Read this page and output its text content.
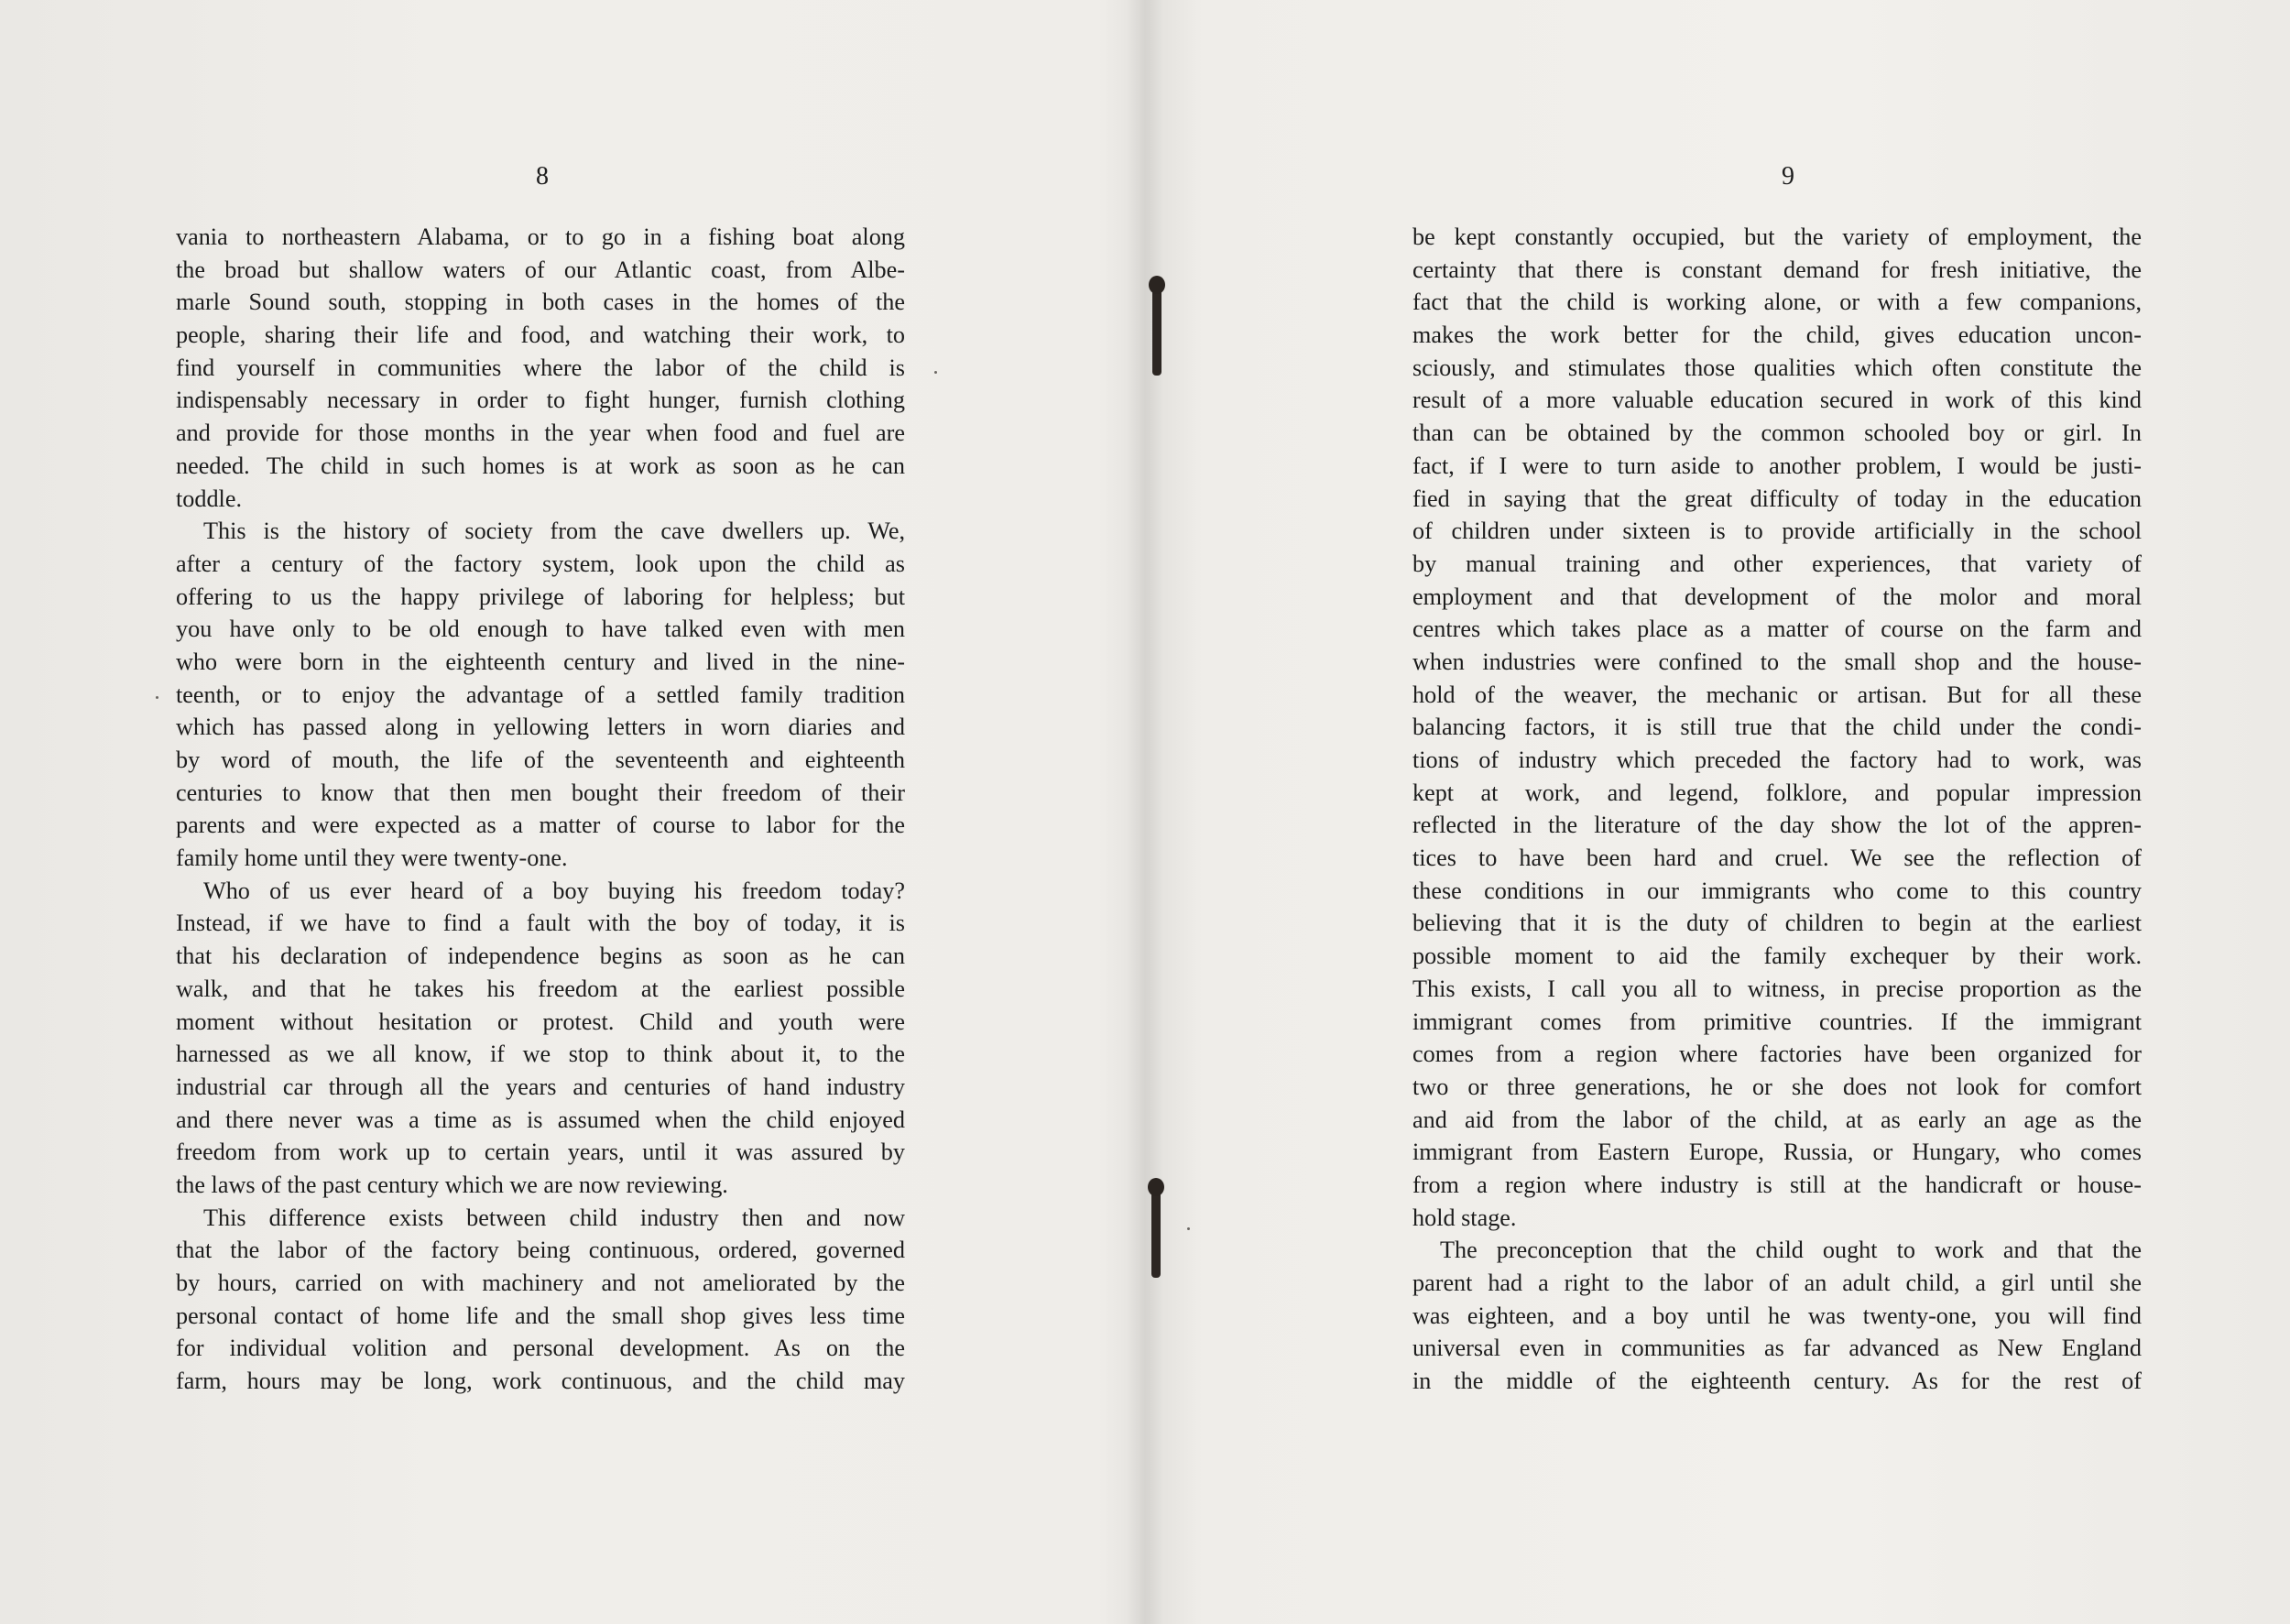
8
vania to northeastern Alabama, or to go in a fishing boat along
the broad but shallow waters of our Atlantic coast, from Albe-
marle Sound south, stopping in both cases in the homes of the
people, sharing their life and food, and watching their work, to
find yourself in communities where the labor of the child is
indispensably necessary in order to fight hunger, furnish clothing
and provide for those months in the year when food and fuel are
needed. The child in such homes is at work as soon as he can
toddle.
This is the history of society from the cave dwellers up. We,
after a century of the factory system, look upon the child as
offering to us the happy privilege of laboring for helpless; but
you have only to be old enough to have talked even with men
who were born in the eighteenth century and lived in the nine-
teenth, or to enjoy the advantage of a settled family tradition
which has passed along in yellowing letters in worn diaries and
by word of mouth, the life of the seventeenth and eighteenth
centuries to know that then men bought their freedom of their
parents and were expected as a matter of course to labor for the
family home until they were twenty-one.
Who of us ever heard of a boy buying his freedom today?
Instead, if we have to find a fault with the boy of today, it is
that his declaration of independence begins as soon as he can
walk, and that he takes his freedom at the earliest possible
moment without hesitation or protest. Child and youth were
harnessed as we all know, if we stop to think about it, to the
industrial car through all the years and centuries of hand industry
and there never was a time as is assumed when the child enjoyed
freedom from work up to certain years, until it was assured by
the laws of the past century which we are now reviewing.
This difference exists between child industry then and now
that the labor of the factory being continuous, ordered, governed
by hours, carried on with machinery and not ameliorated by the
personal contact of home life and the small shop gives less time
for individual volition and personal development. As on the
farm, hours may be long, work continuous, and the child may
9
be kept constantly occupied, but the variety of employment, the
certainty that there is constant demand for fresh initiative, the
fact that the child is working alone, or with a few companions,
makes the work better for the child, gives education uncon-
sciously, and stimulates those qualities which often constitute the
result of a more valuable education secured in work of this kind
than can be obtained by the common schooled boy or girl. In
fact, if I were to turn aside to another problem, I would be justi-
fied in saying that the great difficulty of today in the education
of children under sixteen is to provide artificially in the school
by manual training and other experiences, that variety of
employment and that development of the molor and moral
centres which takes place as a matter of course on the farm and
when industries were confined to the small shop and the house-
hold of the weaver, the mechanic or artisan. But for all these
balancing factors, it is still true that the child under the condi-
tions of industry which preceded the factory had to work, was
kept at work, and legend, folklore, and popular impression
reflected in the literature of the day show the lot of the appren-
tices to have been hard and cruel. We see the reflection of
these conditions in our immigrants who come to this country
believing that it is the duty of children to begin at the earliest
possible moment to aid the family exchequer by their work.
This exists, I call you all to witness, in precise proportion as the
immigrant comes from primitive countries. If the immigrant
comes from a region where factories have been organized for
two or three generations, he or she does not look for comfort
and aid from the labor of the child, at as early an age as the
immigrant from Eastern Europe, Russia, or Hungary, who comes
from a region where industry is still at the handicraft or house-
hold stage.
The preconception that the child ought to work and that the
parent had a right to the labor of an adult child, a girl until she
was eighteen, and a boy until he was twenty-one, you will find
universal even in communities as far advanced as New England
in the middle of the eighteenth century. As for the rest of
